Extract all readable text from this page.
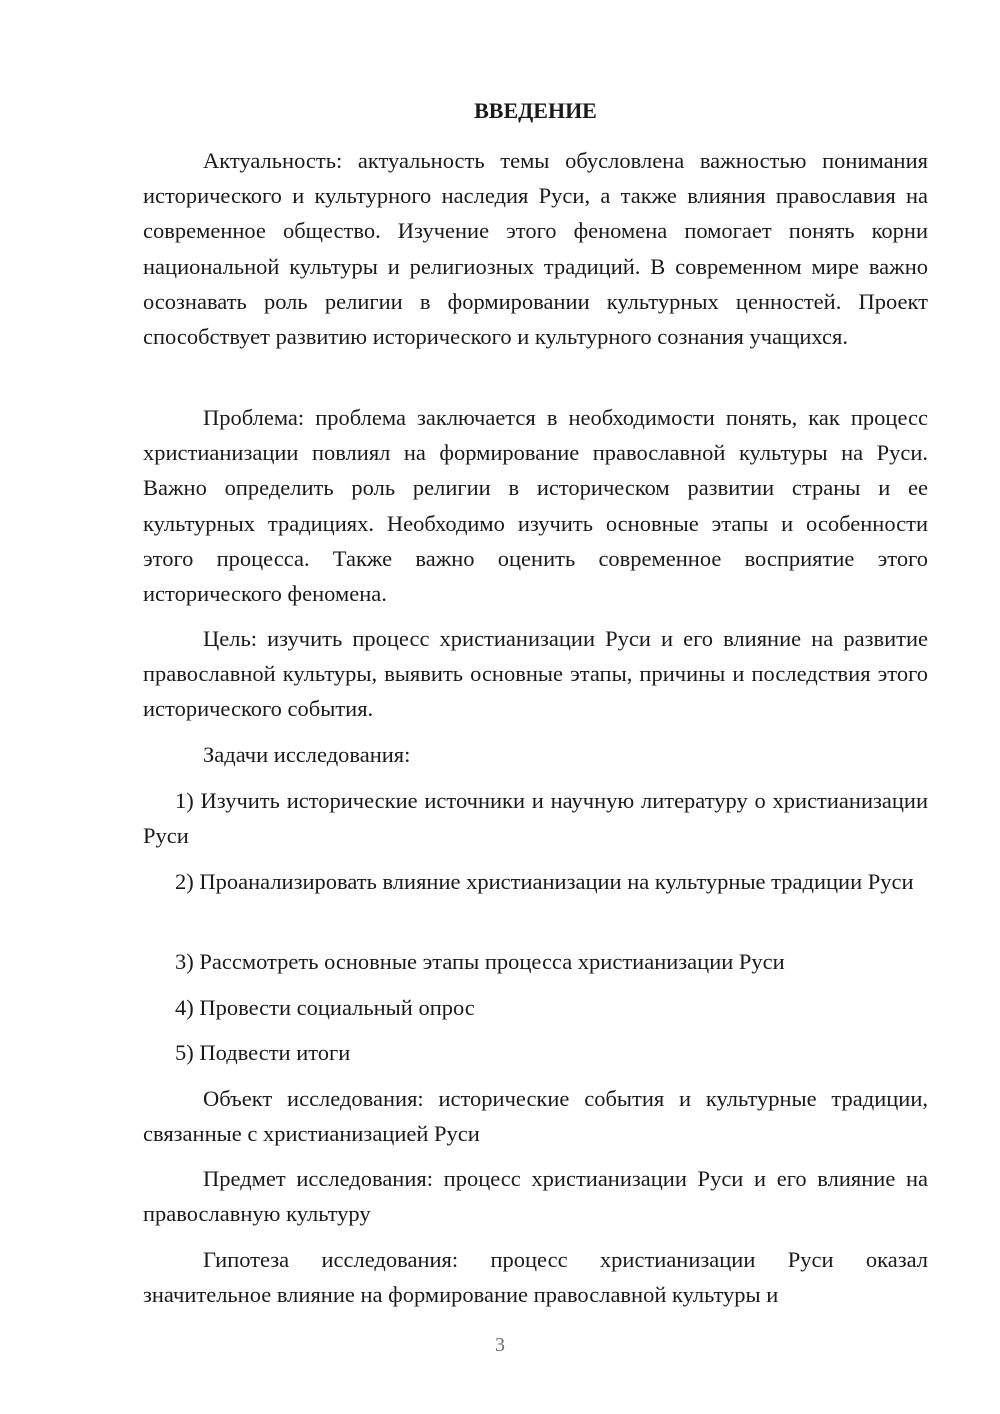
ВВЕДЕНИЕ

Актуальность: актуальность темы обусловлена важностью понимания исторического и культурного наследия Руси, а также влияния православия на современное общество. Изучение этого феномена помогает понять корни национальной культуры и религиозных традиций. В современном мире важно осознавать роль религии в формировании культурных ценностей. Проект способствует развитию исторического и культурного сознания учащихся.

Проблема: проблема заключается в необходимости понять, как процесс христианизации повлиял на формирование православной культуры на Руси. Важно определить роль религии в историческом развитии страны и ее культурных традициях. Необходимо изучить основные этапы и особенности этого процесса. Также важно оценить современное восприятие этого исторического феномена.

Цель: изучить процесс христианизации Руси и его влияние на развитие православной культуры, выявить основные этапы, причины и последствия этого исторического события.

Задачи исследования:

1) Изучить исторические источники и научную литературу о христианизации Руси

2) Проанализировать влияние христианизации на культурные традиции Руси

3) Рассмотреть основные этапы процесса христианизации Руси

4) Провести социальный опрос

5) Подвести итоги

Объект исследования: исторические события и культурные традиции, связанные с христианизацией Руси

Предмет исследования: процесс христианизации Руси и его влияние на православную культуру

Гипотеза исследования: процесс христианизации Руси оказал значительное влияние на формирование православной культуры и

3
